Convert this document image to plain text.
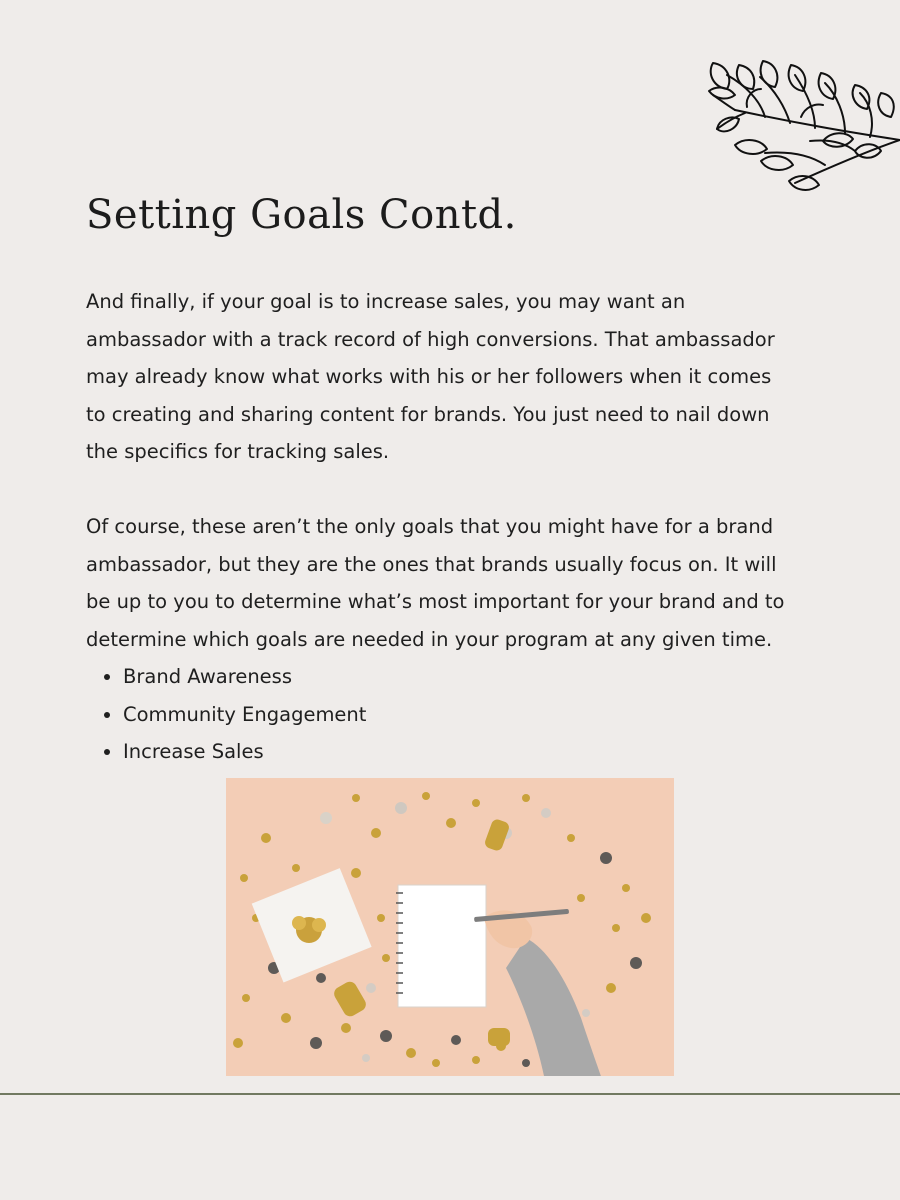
Setting Goals Contd.

And finally, if your goal is to increase sales, you may want an ambassador with a track record of high conversions. That ambassador may already know what works with his or her followers when it comes to creating and sharing content for brands. You just need to nail down the specifics for tracking sales.

Of course, these aren’t the only goals that you might have for a brand ambassador, but they are the ones that brands usually focus on. It will be up to you to determine what’s most important for your brand and to determine which goals are needed in your program at any given time.

• Brand Awareness
• Community Engagement
• Increase Sales
